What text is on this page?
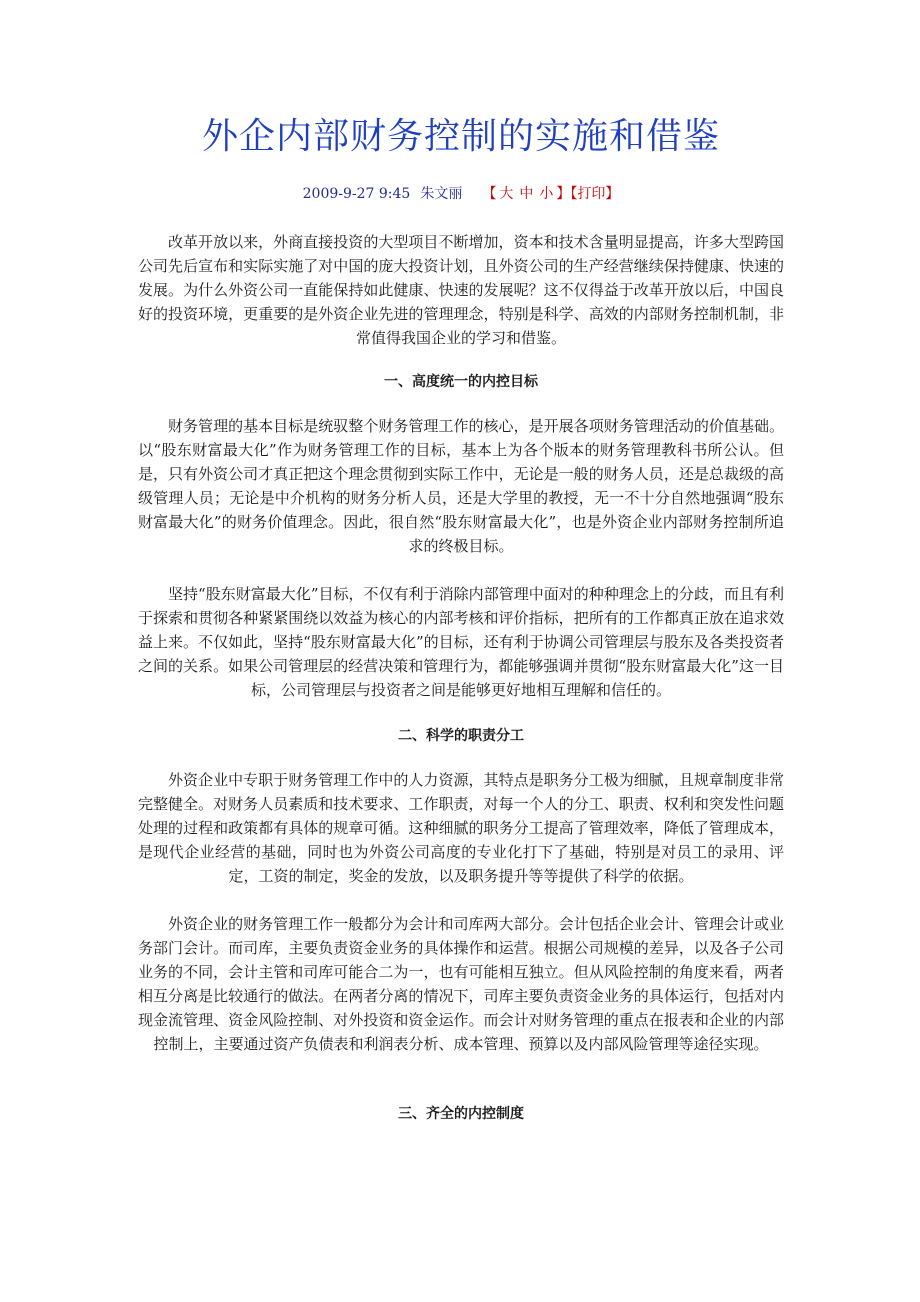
外企内部财务控制的实施和借鉴
2009-9-27 9:45 朱文丽 【 大 中 小 】【打印】

改革开放以来，外商直接投资的大型项目不断增加，资本和技术含量明显提高，许多大型跨国公司先后宣布和实际实施了对中国的庞大投资计划，且外资公司的生产经营继续保持健康、快速的发展。为什么外资公司一直能保持如此健康、快速的发展呢？这不仅得益于改革开放以后，中国良好的投资环境，更重要的是外资企业先进的管理理念，特别是科学、高效的内部财务控制机制，非常值得我国企业的学习和借鉴。

一、高度统一的内控目标

财务管理的基本目标是统驭整个财务管理工作的核心，是开展各项财务管理活动的价值基础。以“股东财富最大化”作为财务管理工作的目标，基本上为各个版本的财务管理教科书所公认。但是，只有外资公司才真正把这个理念贯彻到实际工作中，无论是一般的财务人员，还是总裁级的高级管理人员；无论是中介机构的财务分析人员，还是大学里的教授，无一不十分自然地强调“股东财富最大化”的财务价值理念。因此，很自然“股东财富最大化”，也是外资企业内部财务控制所追求的终极目标。

坚持“股东财富最大化”目标，不仅有利于消除内部管理中面对的种种理念上的分歧，而且有利于探索和贯彻各种紧紧围绕以效益为核心的内部考核和评价指标，把所有的工作都真正放在追求效益上来。不仅如此，坚持“股东财富最大化”的目标，还有利于协调公司管理层与股东及各类投资者之间的关系。如果公司管理层的经营决策和管理行为，都能够强调并贯彻“股东财富最大化”这一目标，公司管理层与投资者之间是能够更好地相互理解和信任的。

二、科学的职责分工

外资企业中专职于财务管理工作中的人力资源，其特点是职务分工极为细腻，且规章制度非常完整健全。对财务人员素质和技术要求、工作职责，对每一个人的分工、职责、权利和突发性问题处理的过程和政策都有具体的规章可循。这种细腻的职务分工提高了管理效率，降低了管理成本，是现代企业经营的基础，同时也为外资公司高度的专业化打下了基础，特别是对员工的录用、评定，工资的制定，奖金的发放，以及职务提升等等提供了科学的依据。

外资企业的财务管理工作一般都分为会计和司库两大部分。会计包括企业会计、管理会计或业务部门会计。而司库，主要负责资金业务的具体操作和运营。根据公司规模的差异，以及各子公司业务的不同，会计主管和司库可能合二为一，也有可能相互独立。但从风险控制的角度来看，两者相互分离是比较通行的做法。在两者分离的情况下，司库主要负责资金业务的具体运行，包括对内现金流管理、资金风险控制、对外投资和资金运作。而会计对财务管理的重点在报表和企业的内部控制上，主要通过资产负债表和利润表分析、成本管理、预算以及内部风险管理等途径实现。

三、齐全的内控制度
